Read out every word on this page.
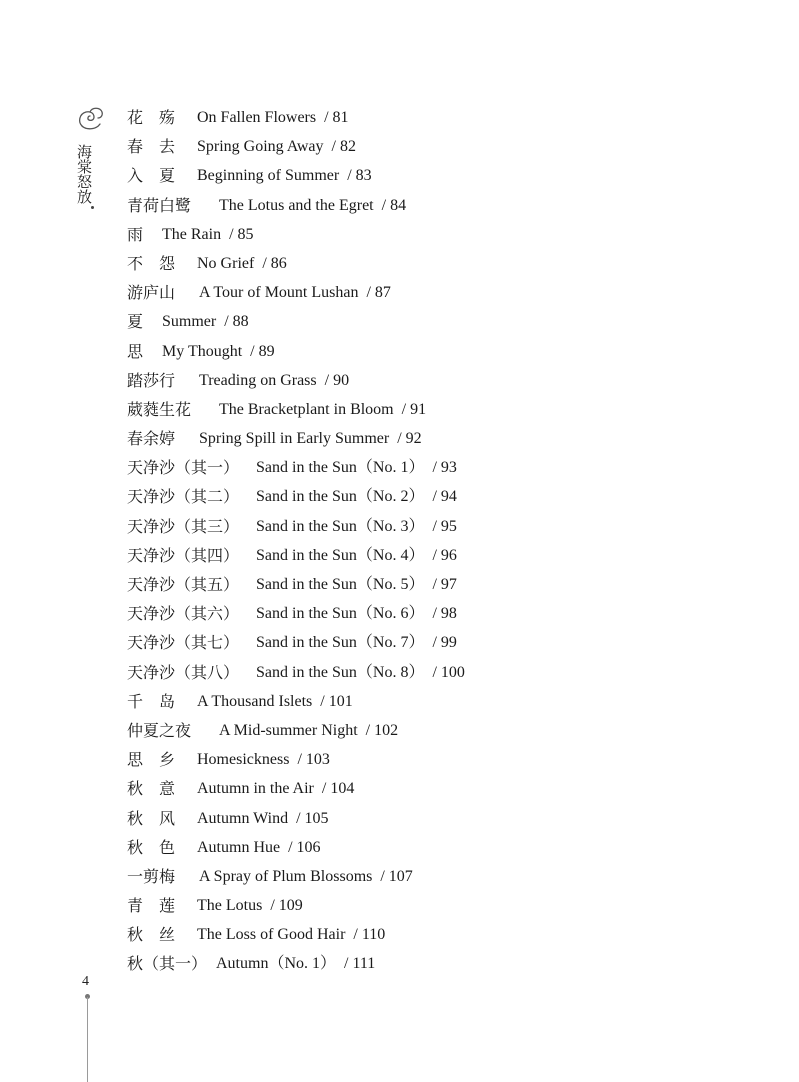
海棠怒放
花　殇	On Fallen Flowers
/ 81
春　去	Spring Going Away
/ 82
入　夏	Beginning of Summer
/ 83
青荷白鹭	The Lotus and the Egret
/ 84
雨	The Rain
/ 85
不　怨	No Grief
/ 86
游庐山	A Tour of Mount Lushan
/ 87
夏	Summer
/ 88
思	My Thought
/ 89
踏莎行	Treading on Grass
/ 90
葳蕤生花	The Bracketplant in Bloom
/ 91
春余婷	Spring Spill in Early Summer
/ 92
天净沙（其一）	Sand in the Sun（No. 1）
/ 93
天净沙（其二）	Sand in the Sun（No. 2）
/ 94
天净沙（其三）	Sand in the Sun（No. 3）
/ 95
天净沙（其四）	Sand in the Sun（No. 4）
/ 96
天净沙（其五）	Sand in the Sun（No. 5）
/ 97
天净沙（其六）	Sand in the Sun（No. 6）
/ 98
天净沙（其七）	Sand in the Sun（No. 7）
/ 99
天净沙（其八）	Sand in the Sun（No. 8）
/ 100
千　岛	A Thousand Islets
/ 101
仲夏之夜	A Mid-summer Night
/ 102
思　乡	Homesickness
/ 103
秋　意	Autumn in the Air
/ 104
秋　风	Autumn Wind
/ 105
秋　色	Autumn Hue
/ 106
一剪梅	A Spray of Plum Blossoms
/ 107
青　莲	The Lotus
/ 109
秋　丝	The Loss of Good Hair
/ 110
秋（其一） Autumn（No. 1）
/ 111
4
